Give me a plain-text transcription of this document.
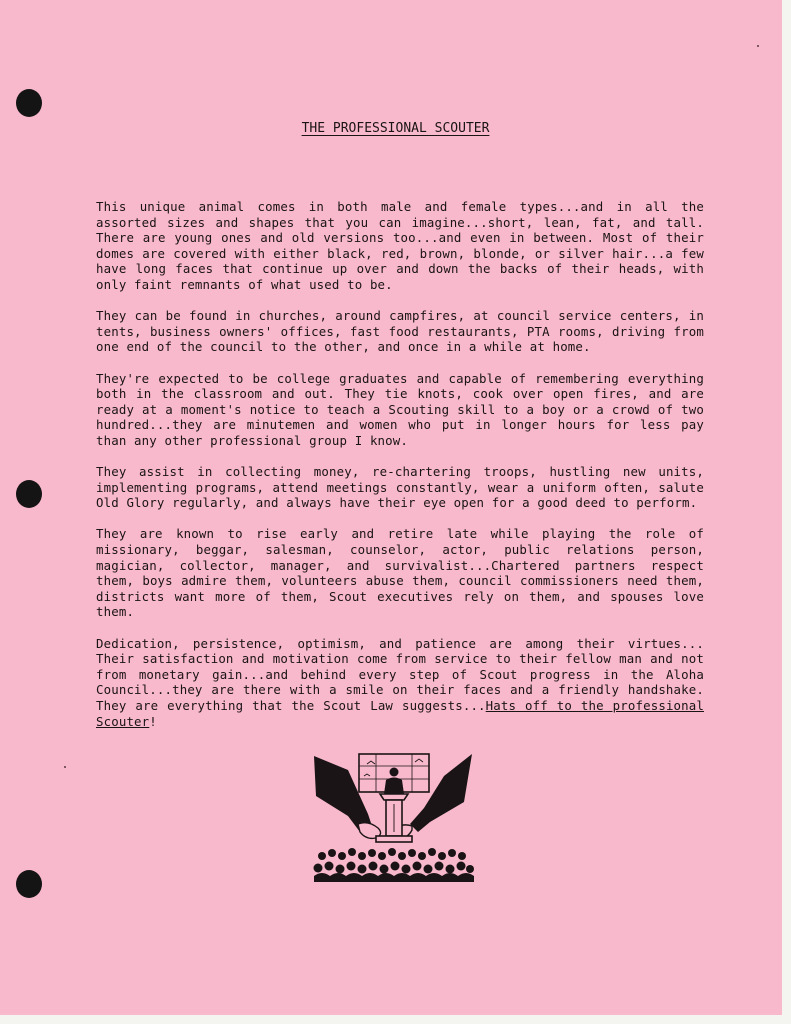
THE PROFESSIONAL SCOUTER

This unique animal comes in both male and female types...and in all the assorted sizes and shapes that you can imagine...short, lean, fat, and tall. There are young ones and old versions too...and even in between. Most of their domes are covered with either black, red, brown, blonde, or silver hair...a few have long faces that continue up over and down the backs of their heads, with only faint remnants of what used to be.

They can be found in churches, around campfires, at council service centers, in tents, business owners' offices, fast food restaurants, PTA rooms, driving from one end of the council to the other, and once in a while at home.

They're expected to be college graduates and capable of remembering everything both in the classroom and out. They tie knots, cook over open fires, and are ready at a moment's notice to teach a Scouting skill to a boy or a crowd of two hundred...they are minutemen and women who put in longer hours for less pay than any other professional group I know.

They assist in collecting money, re-chartering troops, hustling new units, implementing programs, attend meetings constantly, wear a uniform often, salute Old Glory regularly, and always have their eye open for a good deed to perform.

They are known to rise early and retire late while playing the role of missionary, beggar, salesman, counselor, actor, public relations person, magician, collector, manager, and survivalist...Chartered partners respect them, boys admire them, volunteers abuse them, council commissioners need them, districts want more of them, Scout executives rely on them, and spouses love them.

Dedication, persistence, optimism, and patience are among their virtues... Their satisfaction and motivation come from service to their fellow man and not from monetary gain...and behind every step of Scout progress in the Aloha Council...they are there with a smile on their faces and a friendly handshake. They are everything that the Scout Law suggests...Hats off to the professional Scouter!
